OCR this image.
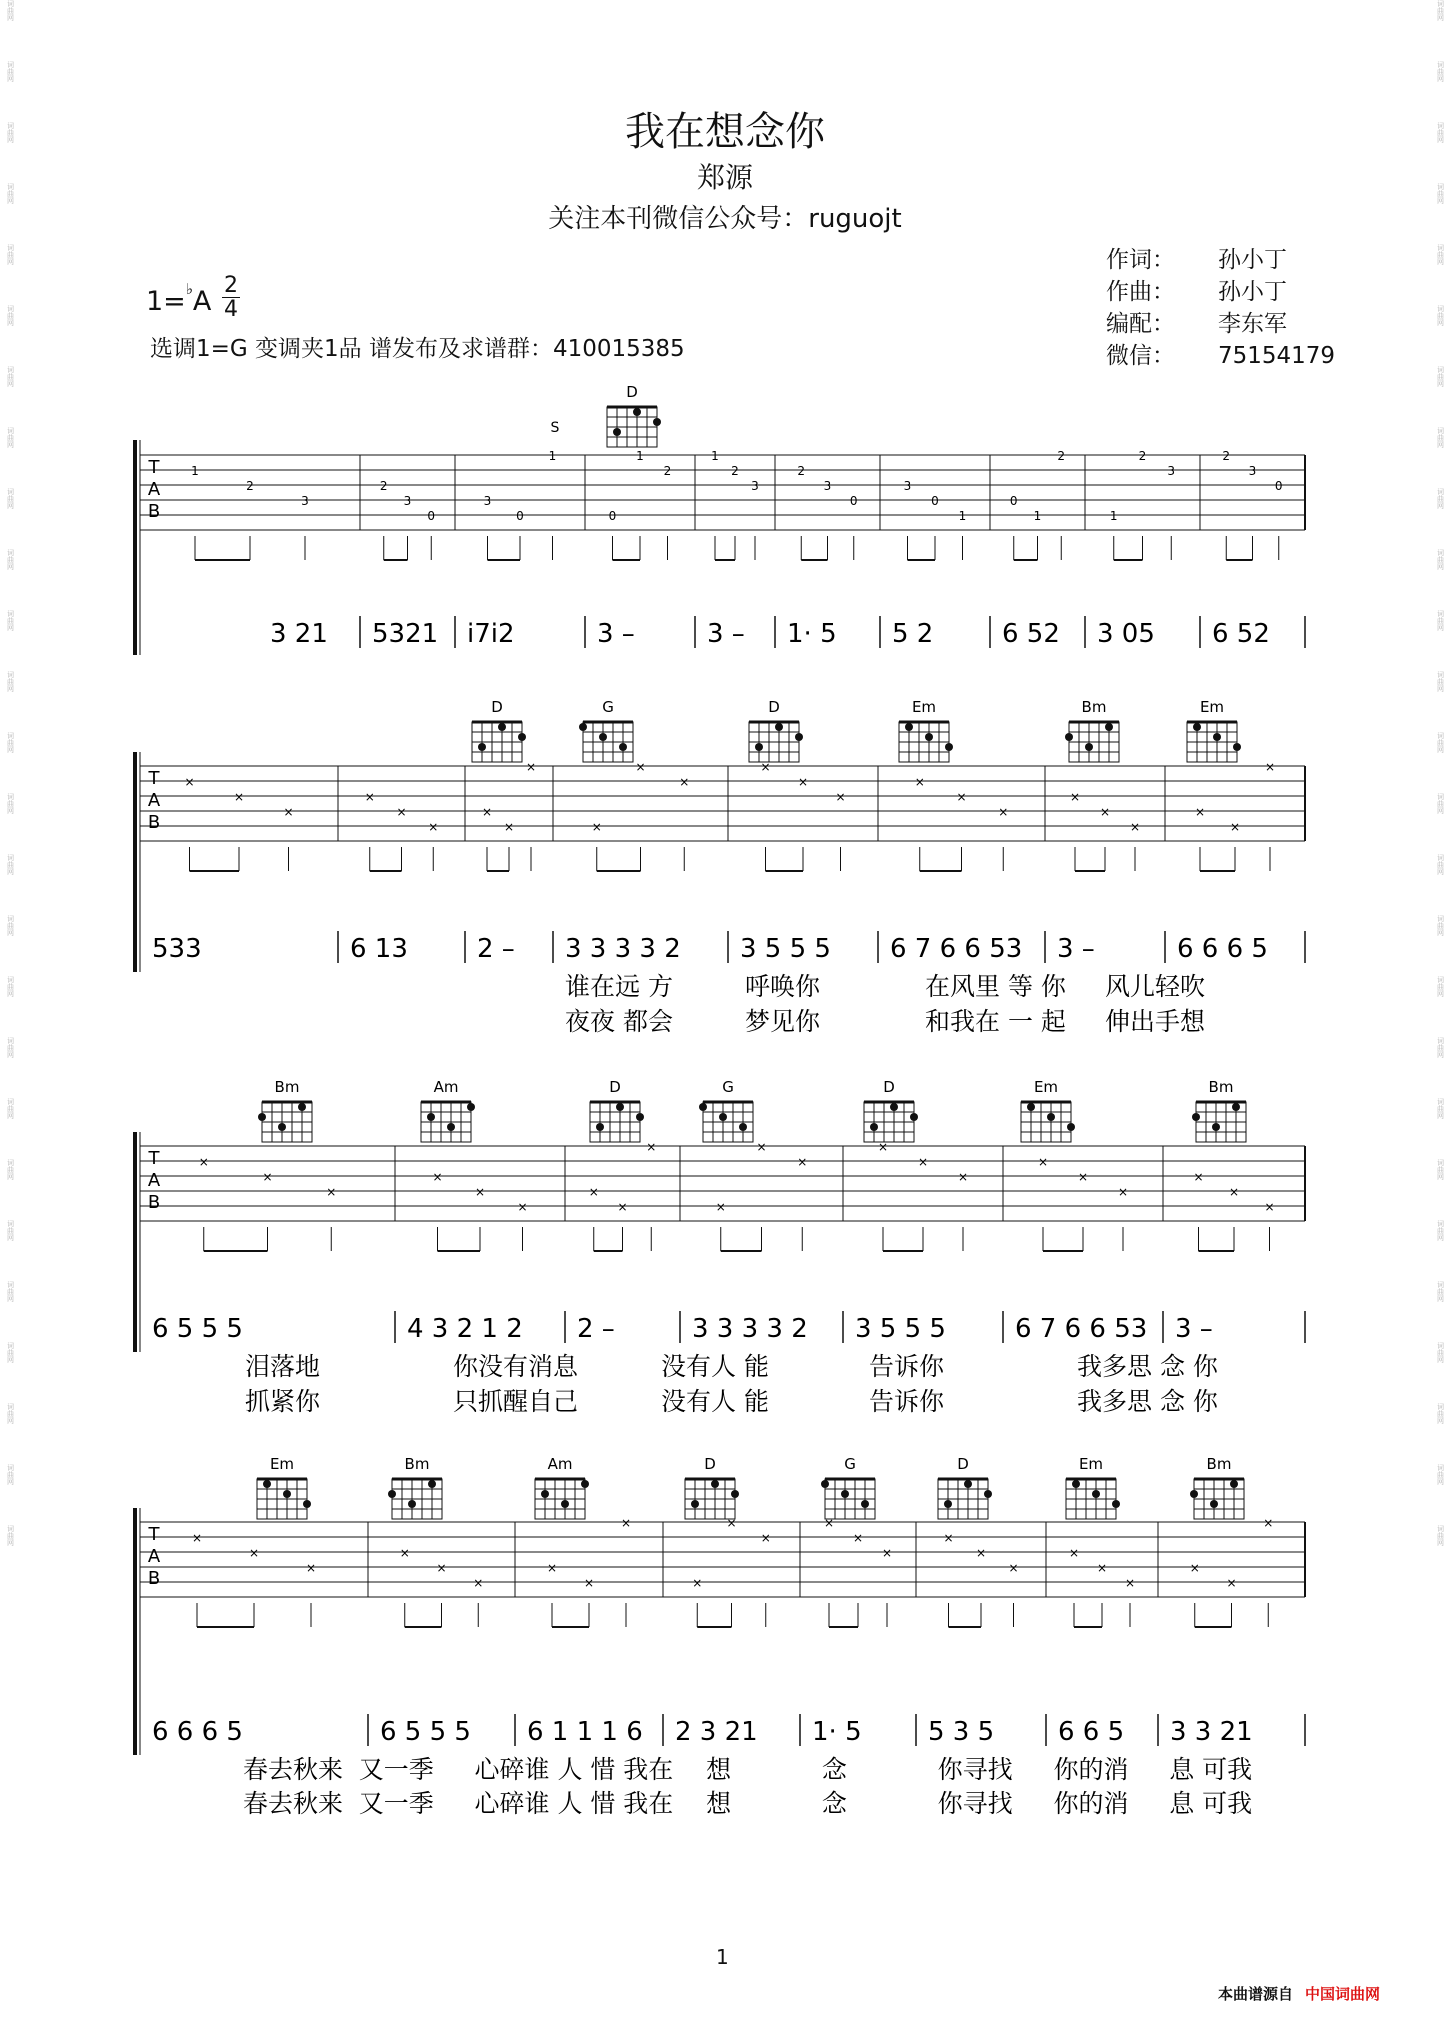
词曲网
词曲网
词曲网
词曲网
词曲网
词曲网
词曲网
词曲网
词曲网
词曲网
词曲网
词曲网
词曲网
词曲网
词曲网
词曲网
词曲网
词曲网
词曲网
词曲网
词曲网
词曲网
词曲网
词曲网
词曲网
词曲网
词曲网
词曲网
词曲网
词曲网
词曲网
词曲网
词曲网
词曲网
词曲网
词曲网
词曲网
词曲网
词曲网
词曲网
词曲网
词曲网
词曲网
词曲网
词曲网
词曲网
词曲网
词曲网
词曲网
词曲网
词曲网
词曲网
我在想念你
郑源
关注本刊微信公众号：ruguojt
作词： 孙小丁
作曲： 孙小丁
编配： 李东军
微信： 75154179
1=♭A
2
4
选调1=G 变调夹1品 谱发布及求谱群：410015385
T
A
B
1
2
3
2
3
0
3
0
1
0
1
2
1
2
3
2
3
0
3
0
1
0
1
2
1
2
3
2
3
0
D
S
3 21 5321 i7i2	3 –	3 – 1· 5 5 2	6 52 3 05 6 52
T
A
B
×
×
×
×
×
×
×
×
×
×
×
×
×
×
×
×
×
×
×
×
×
×
×
×
D	G	D	Em	Bm	Em
533	6 13	2 – 3 3 3 3 2 3 5 5 5 6 7 6 6 53 3 –	6 6 6 5
谁在远 方	呼唤你	在风里 等 你 风儿轻吹
夜夜 都会	梦见你	和我在 一 起 伸出手想
T
A
B
×
×
×
×
×
×
×
×
×
×
×
×
×
×
×
×
×
×
×
×
×
Bm	Am	D	G	D	Em	Bm
6 5 5 5	4 3 2 1 2 2 –	3 3 3 3 2 3 5 5 5	6 7 6 6 53 3 –
泪落地	你没有消息	没有人 能	告诉你	我多思 念 你
抓紧你	只抓醒自己	没有人 能	告诉你	我多思 念 你
T
A
B
×
×
×
×
×
×
×
×
×
×
×
×
×
×
×
×
×
×
×
×
×
×
×
×
Em	Bm	Am	D	G	D	Em	Bm
6 6 6 5	6 5 5 5 6 1 1 1 6 2 3 21 1· 5	5 3 5 6 6 5 3 3 21
春去秋来 又一季 心碎谁 人 惜 我在 想	念	你寻找 你的消 息 可我
春去秋来 又一季 心碎谁 人 惜 我在 想	念	你寻找 你的消 息 可我
1
本曲谱源自 中国词曲网
